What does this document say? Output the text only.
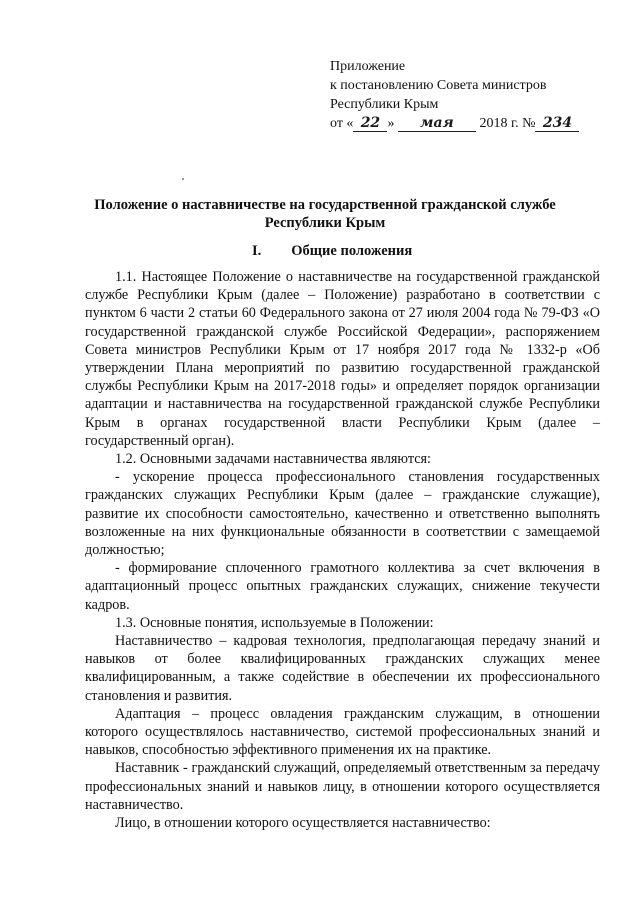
Приложение
к постановлению Совета министров
Республики Крым
от « 22 » мая 2018 г. № 234
Положение о наставничестве на государственной гражданской службе
Республики Крым
I. Общие положения

1.1. Настоящее Положение о наставничестве на государственной гражданской службе Республики Крым (далее – Положение) разработано в соответствии с пунктом 6 части 2 статьи 60 Федерального закона от 27 июля 2004 года № 79-ФЗ «О государственной гражданской службе Российской Федерации», распоряжением Совета министров Республики Крым от 17 ноября 2017 года № 1332-р «Об утверждении Плана мероприятий по развитию государственной гражданской службы Республики Крым на 2017-2018 годы» и определяет порядок организации адаптации и наставничества на государственной гражданской службе Республики Крым в органах государственной власти Республики Крым (далее – государственный орган).

1.2. Основными задачами наставничества являются:

- ускорение процесса профессионального становления государственных гражданских служащих Республики Крым (далее – гражданские служащие), развитие их способности самостоятельно, качественно и ответственно выполнять возложенные на них функциональные обязанности в соответствии с замещаемой должностью;

- формирование сплоченного грамотного коллектива за счет включения в адаптационный процесс опытных гражданских служащих, снижение текучести кадров.

1.3. Основные понятия, используемые в Положении:

Наставничество – кадровая технология, предполагающая передачу знаний и навыков от более квалифицированных гражданских служащих менее квалифицированным, а также содействие в обеспечении их профессионального становления и развития.

Адаптация – процесс овладения гражданским служащим, в отношении которого осуществлялось наставничество, системой профессиональных знаний и навыков, способностью эффективного применения их на практике.

Наставник - гражданский служащий, определяемый ответственным за передачу профессиональных знаний и навыков лицу, в отношении которого осуществляется наставничество.

Лицо, в отношении которого осуществляется наставничество:
